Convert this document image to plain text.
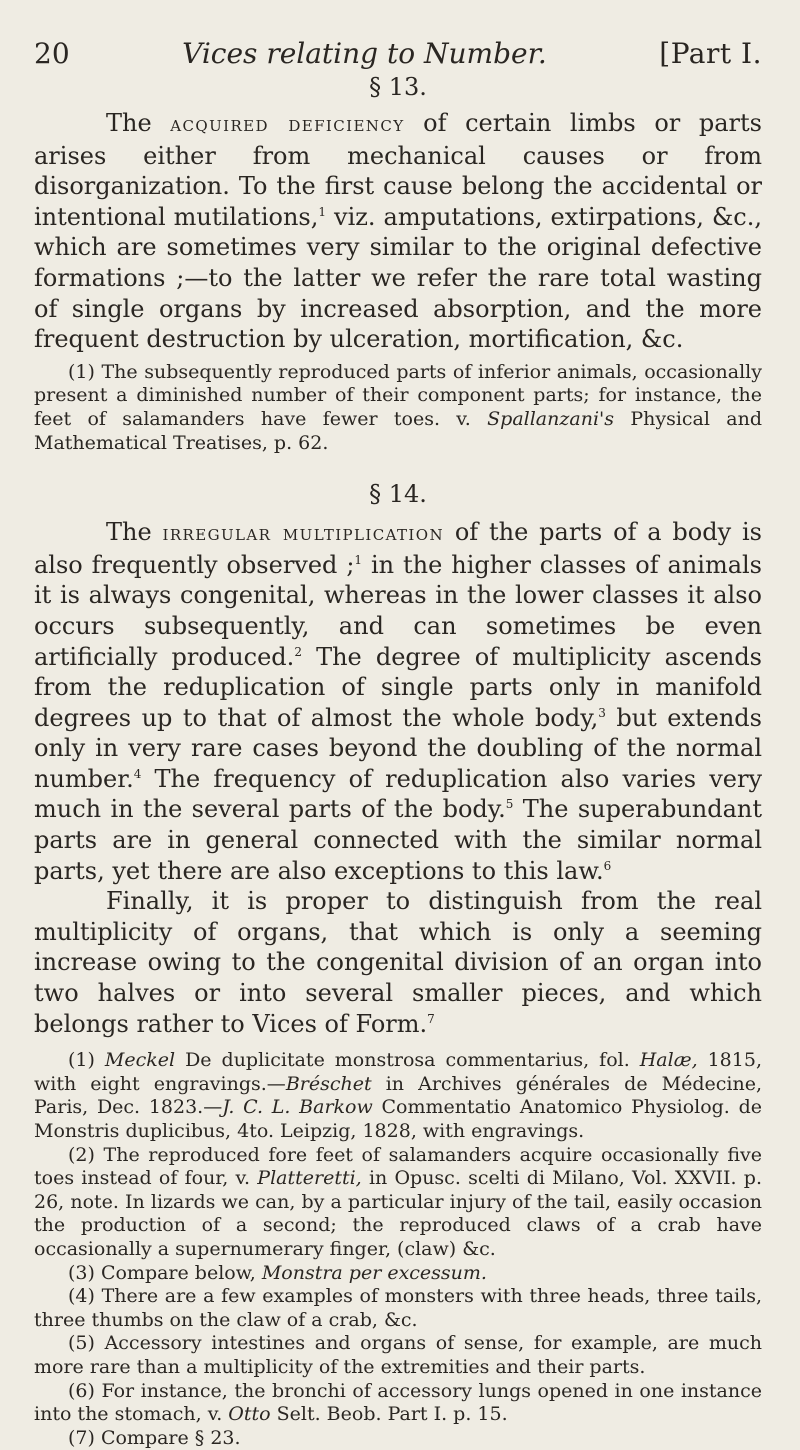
20	Vices relating to Number.	[Part I.
§ 13.

The acquired deficiency of certain limbs or parts arises either from mechanical causes or from disorganization. To the first cause belong the accidental or intentional mutilations,$^1$ viz. amputations, extirpations, &c., which are sometimes very similar to the original defective formations ;—to the latter we refer the rare total wasting of single organs by increased absorption, and the more frequent destruction by ulceration, mortification, &c.

(1) The subsequently reproduced parts of inferior animals, occasionally present a diminished number of their component parts; for instance, the feet of salamanders have fewer toes. v. Spallanzani's Physical and Mathematical Treatises, p. 62.

§ 14.

The irregular multiplication of the parts of a body is also frequently observed ;$^1$ in the higher classes of animals it is always congenital, whereas in the lower classes it also occurs subsequently, and can sometimes be even artificially produced.$^2$ The degree of multiplicity ascends from the reduplication of single parts only in manifold degrees up to that of almost the whole body,$^3$ but extends only in very rare cases beyond the doubling of the normal number.$^4$ The frequency of reduplication also varies very much in the several parts of the body.$^5$ The superabundant parts are in general connected with the similar normal parts, yet there are also exceptions to this law.$^6$

Finally, it is proper to distinguish from the real multiplicity of organs, that which is only a seeming increase owing to the congenital division of an organ into two halves or into several smaller pieces, and which belongs rather to Vices of Form.$^7$

(1) Meckel De duplicitate monstrosa commentarius, fol. Halæ, 1815, with eight engravings.—Bréschet in Archives générales de Médecine, Paris, Dec. 1823.—J. C. L. Barkow Commentatio Anatomico Physiolog. de Monstris duplicibus, 4to. Leipzig, 1828, with engravings.

(2) The reproduced fore feet of salamanders acquire occasionally five toes instead of four, v. Platteretti, in Opusc. scelti di Milano, Vol. XXVII. p. 26, note. In lizards we can, by a particular injury of the tail, easily occasion the production of a second; the reproduced claws of a crab have occasionally a supernumerary finger, (claw) &c.

(3) Compare below, Monstra per excessum.

(4) There are a few examples of monsters with three heads, three tails, three thumbs on the claw of a crab, &c.

(5) Accessory intestines and organs of sense, for example, are much more rare than a multiplicity of the extremities and their parts.

(6) For instance, the bronchi of accessory lungs opened in one instance into the stomach, v. Otto Selt. Beob. Part I. p. 15.

(7) Compare § 23.
